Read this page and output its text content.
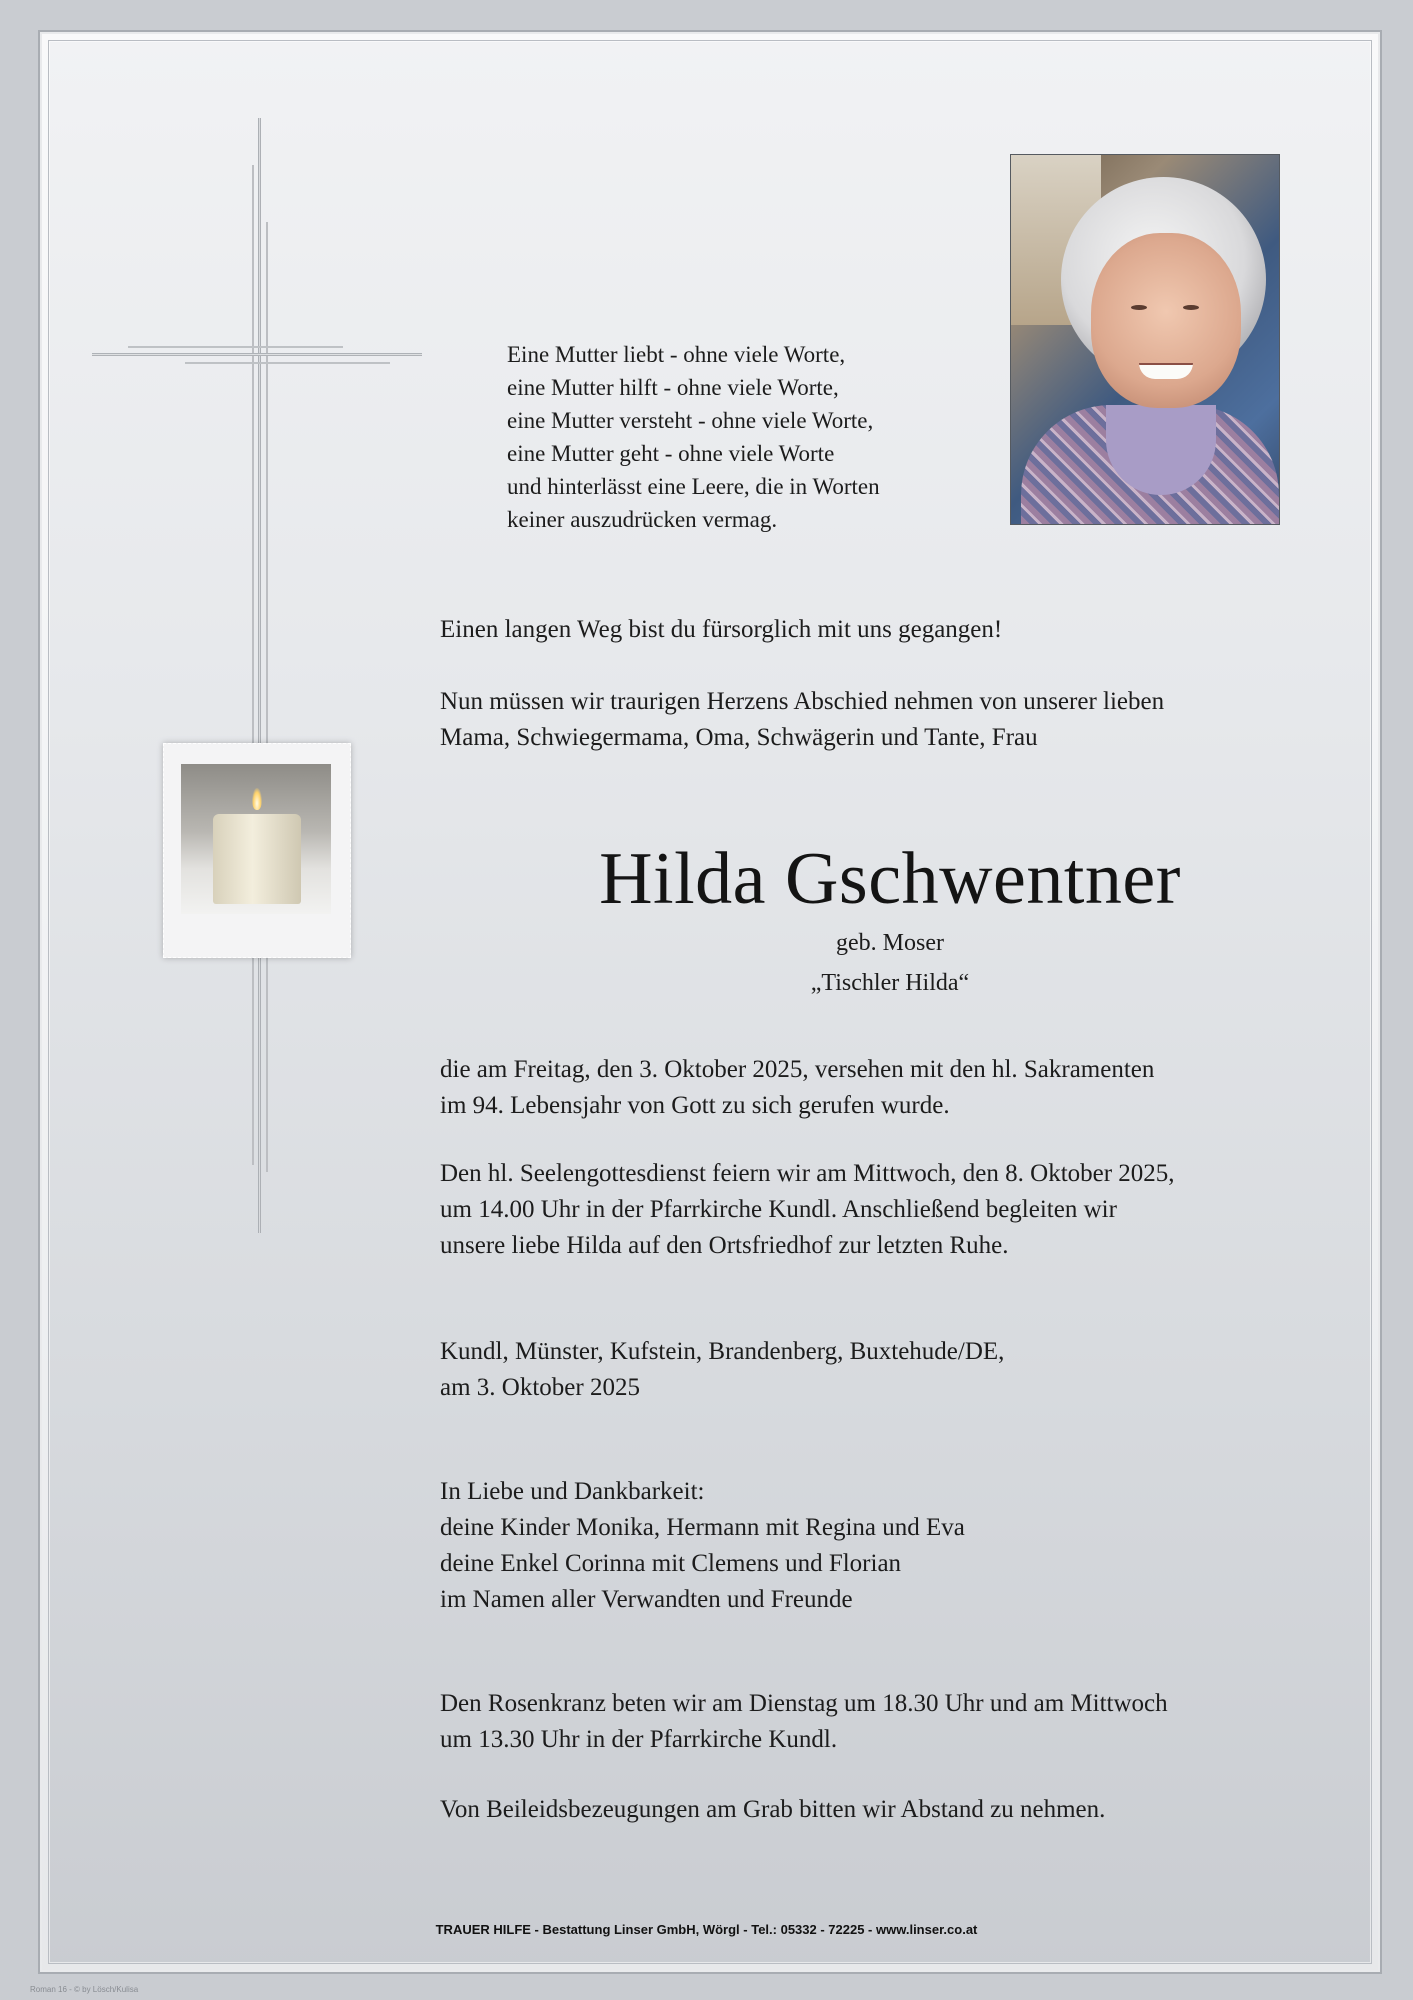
Eine Mutter liebt - ohne viele Worte,

eine Mutter hilft - ohne viele Worte,

eine Mutter versteht - ohne viele Worte,

eine Mutter geht - ohne viele Worte

und hinterlässt eine Leere, die in Worten

keiner auszudrücken vermag.

Einen langen Weg bist du fürsorglich mit uns gegangen!

Nun müssen wir traurigen Herzens Abschied nehmen von unserer lieben

Mama, Schwiegermama, Oma, Schwägerin und Tante, Frau

Hilda Gschwentner
geb. Moser
„Tischler Hilda“

die am Freitag, den 3. Oktober 2025, versehen mit den hl. Sakramenten

im 94. Lebensjahr von Gott zu sich gerufen wurde.

Den hl. Seelengottesdienst feiern wir am Mittwoch, den 8. Oktober 2025,

um 14.00 Uhr in der Pfarrkirche Kundl. Anschließend begleiten wir

unsere liebe Hilda auf den Ortsfriedhof zur letzten Ruhe.

Kundl, Münster, Kufstein, Brandenberg, Buxtehude/DE,

am 3. Oktober 2025

In Liebe und Dankbarkeit:

deine Kinder Monika, Hermann mit Regina und Eva

deine Enkel Corinna mit Clemens und Florian

im Namen aller Verwandten und Freunde

Den Rosenkranz beten wir am Dienstag um 18.30 Uhr und am Mittwoch

um 13.30 Uhr in der Pfarrkirche Kundl.

Von Beileidsbezeugungen am Grab bitten wir Abstand zu nehmen.
TRAUER HILFE - Bestattung Linser GmbH, Wörgl - Tel.: 05332 - 72225 - www.linser.co.at
Roman 16 - © by Lösch/Kulisa
